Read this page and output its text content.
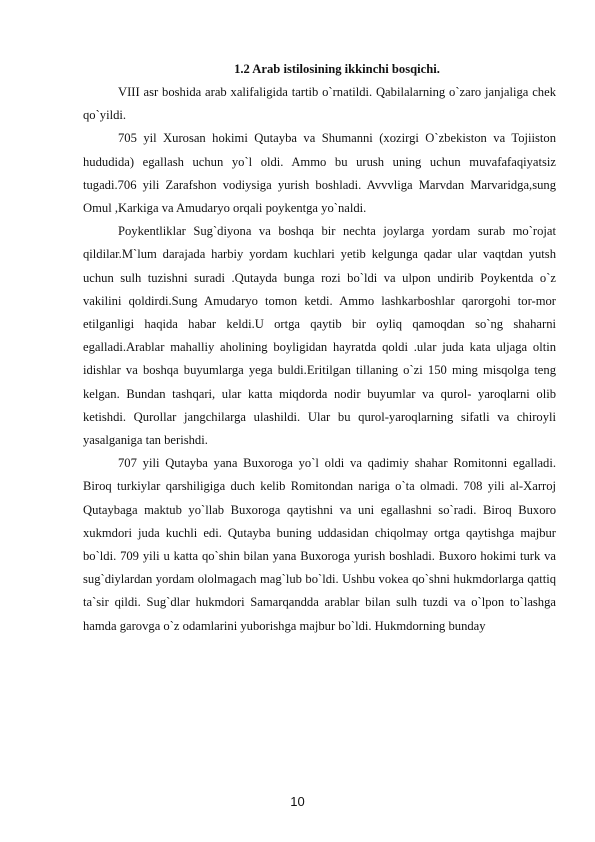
1.2 Arab istilosining ikkinchi bosqichi.

VIII asr boshida arab xalifaligida tartib o`rnatildi. Qabilalarning o`zaro janjaliga chek qo`yildi.

705 yil Xurosan hokimi Qutayba va Shumanni (xozirgi O`zbekiston va Tojiiston hududida) egallash uchun yo`l oldi. Ammo bu urush uning uchun muvafafaqiyatsiz tugadi.706 yili Zarafshon vodiysiga yurish boshladi. Avvvliga Marvdan Marvaridga,sung Omul ,Karkiga va Amudaryo orqali poykentga yo`naldi.

Poykentliklar Sug`diyona va boshqa bir nechta joylarga yordam surab mo`rojat qildilar.M`lum darajada harbiy yordam kuchlari yetib kelgunga qadar ular vaqtdan yutsh uchun sulh tuzishni suradi .Qutayda bunga rozi bo`ldi va ulpon undirib Poykentda o`z vakilini qoldirdi.Sung Amudaryo tomon ketdi. Ammo lashkarboshlar qarorgohi tor-mor etilganligi haqida habar keldi.U ortga qaytib bir oyliq qamoqdan so`ng shaharni egalladi.Arablar mahalliy aholining boyligidan hayratda qoldi .ular juda kata uljaga oltin idishlar va boshqa buyumlarga yega buldi.Eritilgan tillaning o`zi 150 ming misqolga teng kelgan. Bundan tashqari, ular katta miqdorda nodir buyumlar va qurol- yaroqlarni olib ketishdi. Qurollar jangchilarga ulashildi. Ular bu qurol-yaroqlarning sifatli va chiroyli yasalganiga tan berishdi.

707 yili Qutayba yana Buxoroga yo`l oldi va qadimiy shahar Romitonni egalladi. Biroq turkiylar qarshiligiga duch kelib Romitondan nariga o`ta olmadi. 708 yili al-Xarroj Qutaybaga maktub yo`llab Buxoroga qaytishni va uni egallashni so`radi. Biroq Buxoro xukmdori juda kuchli edi. Qutayba buning uddasidan chiqolmay ortga qaytishga majbur bo`ldi. 709 yili u katta qo`shin bilan yana Buxoroga yurish boshladi. Buxoro hokimi turk va sug`diylardan yordam ololmagach mag`lub bo`ldi. Ushbu vokea qo`shni hukmdorlarga qattiq ta`sir qildi. Sug`dlar hukmdori Samarqandda arablar bilan sulh tuzdi va o`lpon to`lashga hamda garovga o`z odamlarini yuborishga majbur bo`ldi. Hukmdorning bunday

10
